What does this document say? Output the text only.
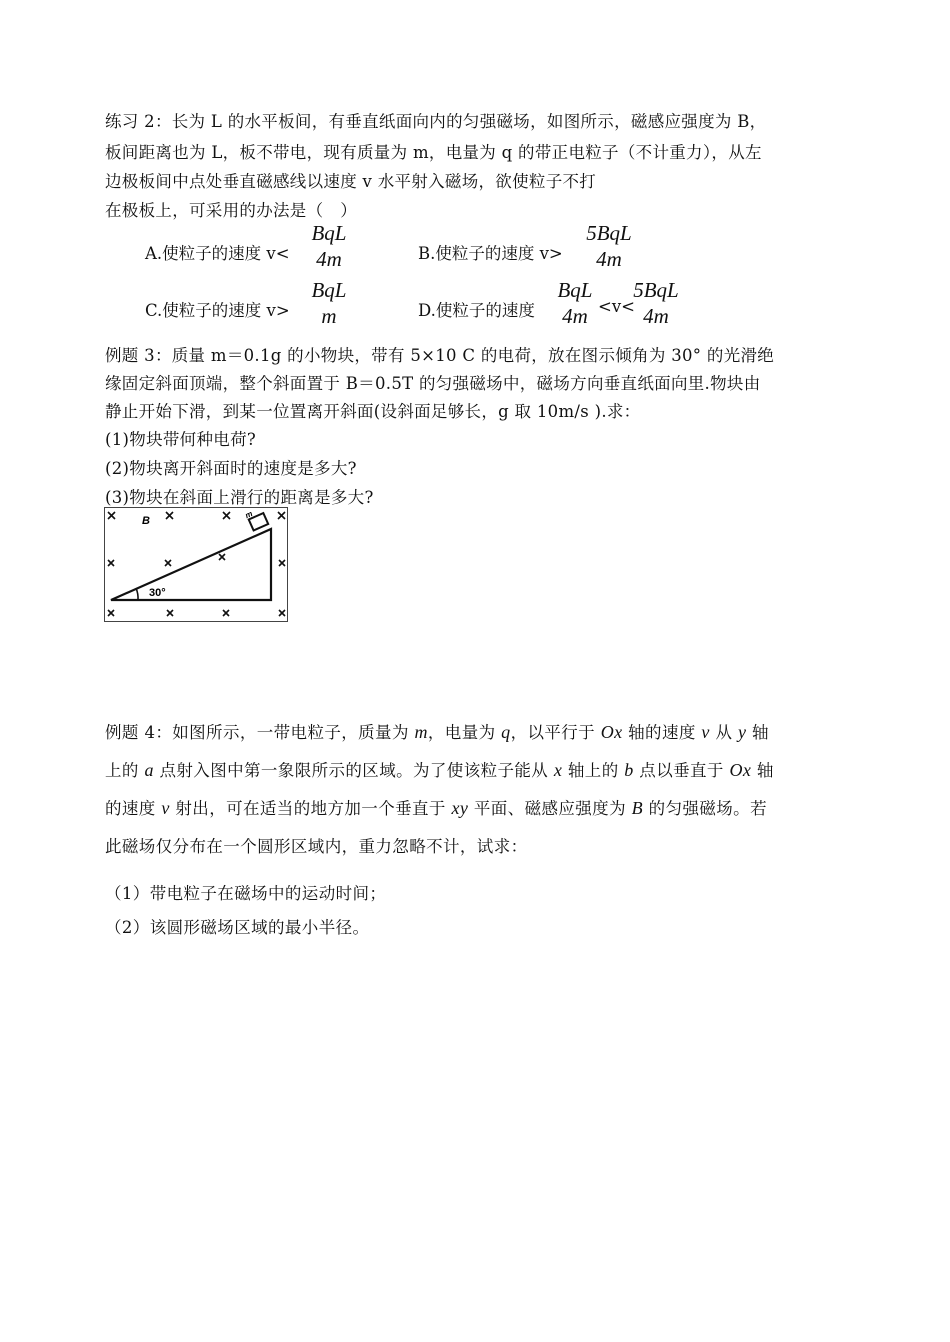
练习 2：长为 L 的水平板间，有垂直纸面向内的匀强磁场，如图所示，磁感应强度为 B，
板间距离也为 L，板不带电，现有质量为 m，电量为 q 的带正电粒子（不计重力），从左
边极板间中点处垂直磁感线以速度 v 水平射入磁场，欲使粒子不打
在极板上，可采用的办法是（　）
A.使粒子的速度 v<
BqL
4m	B.使粒子的速度 v>
5BqL
4m
C.使粒子的速度 v>
BqL
m	D.使粒子的速度
BqL
4m <v<
5BqL
4m
例题 3：质量 m＝0.1g 的小物块，带有 5×10 C 的电荷，放在图示倾角为 30° 的光滑绝
缘固定斜面顶端，整个斜面置于 B＝0.5T 的匀强磁场中，磁场方向垂直纸面向里.物块由
静止开始下滑，到某一位置离开斜面(设斜面足够长，g 取 10m/s ).求：
(1)物块带何种电荷?
(2)物块离开斜面时的速度是多大?
(3)物块在斜面上滑行的距离是多大?
B
m
30°
例题 4：如图所示，一带电粒子，质量为 m，电量为 q，以平行于 Ox 轴的速度 v 从 y 轴
上的 a 点射入图中第一象限所示的区域。为了使该粒子能从 x 轴上的 b 点以垂直于 Ox 轴
的速度 v 射出，可在适当的地方加一个垂直于 xy 平面、磁感应强度为 B 的匀强磁场。若
此磁场仅分布在一个圆形区域内，重力忽略不计，试求：
（1）带电粒子在磁场中的运动时间；
（2）该圆形磁场区域的最小半径。
